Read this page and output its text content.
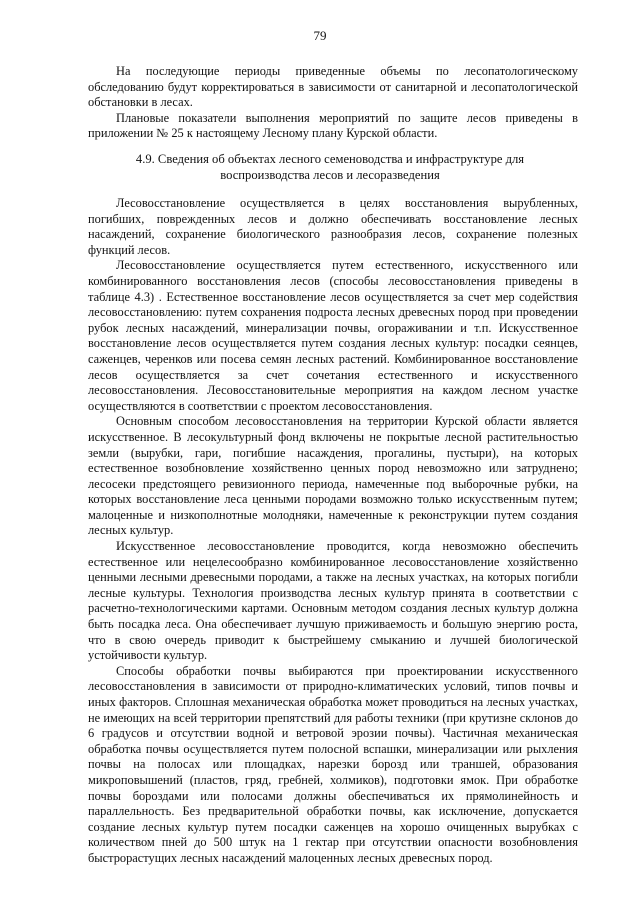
79

На последующие периоды приведенные объемы по лесопатологическому обследованию будут корректироваться в зависимости от санитарной и лесопатологической обстановки в лесах.

Плановые показатели выполнения мероприятий по защите лесов приведены в приложении № 25 к настоящему Лесному плану Курской области.

4.9. Сведения об объектах лесного семеноводства и инфраструктуре для воспроизводства лесов и лесоразведения

Лесовосстановление осуществляется в целях восстановления вырубленных, погибших, поврежденных лесов и должно обеспечивать восстановление лесных насаждений, сохранение биологического разнообразия лесов, сохранение полезных функций лесов.

Лесовосстановление осуществляется путем естественного, искусственного или комбинированного восстановления лесов (способы лесовосстановления приведены в таблице 4.3) . Естественное восстановление лесов осуществляется за счет мер содействия лесовосстановлению: путем сохранения подроста лесных древесных пород при проведении рубок лесных насаждений, минерализации почвы, огораживании и т.п. Искусственное восстановление лесов осуществляется путем создания лесных культур: посадки сеянцев, саженцев, черенков или посева семян лесных растений. Комбинированное восстановление лесов осуществляется за счет сочетания естественного и искусственного лесовосстановления. Лесовосстановительные мероприятия на каждом лесном участке осуществляются в соответствии с проектом лесовосстановления.

Основным способом лесовосстановления на территории Курской области является искусственное. В лесокультурный фонд включены не покрытые лесной растительностью земли (вырубки, гари, погибшие насаждения, прогалины, пустыри), на которых естественное возобновление хозяйственно ценных пород невозможно или затруднено; лесосеки предстоящего ревизионного периода, намеченные под выборочные рубки, на которых восстановление леса ценными породами возможно только искусственным путем; малоценные и низкополнотные молодняки, намеченные к реконструкции путем создания лесных культур.

Искусственное лесовосстановление проводится, когда невозможно обеспечить естественное или нецелесообразно комбинированное лесовосстановление хозяйственно ценными лесными древесными породами, а также на лесных участках, на которых погибли лесные культуры. Технология производства лесных культур принята в соответствии с расчетно-технологическими картами. Основным методом создания лесных культур должна быть посадка леса. Она обеспечивает лучшую приживаемость и большую энергию роста, что в свою очередь приводит к быстрейшему смыканию и лучшей биологической устойчивости культур.

Способы обработки почвы выбираются при проектировании искусственного лесовосстановления в зависимости от природно-климатических условий, типов почвы и иных факторов. Сплошная механическая обработка может проводиться на лесных участках, не имеющих на всей территории препятствий для работы техники (при крутизне склонов до 6 градусов и отсутствии водной и ветровой эрозии почвы). Частичная механическая обработка почвы осуществляется путем полосной вспашки, минерализации или рыхления почвы на полосах или площадках, нарезки борозд или траншей, образования микроповышений (пластов, гряд, гребней, холмиков), подготовки ямок. При обработке почвы бороздами или полосами должны обеспечиваться их прямолинейность и параллельность. Без предварительной обработки почвы, как исключение, допускается создание лесных культур путем посадки саженцев на хорошо очищенных вырубках с количеством пней до 500 штук на 1 гектар при отсутствии опасности возобновления быстрорастущих лесных насаждений малоценных лесных древесных пород.
